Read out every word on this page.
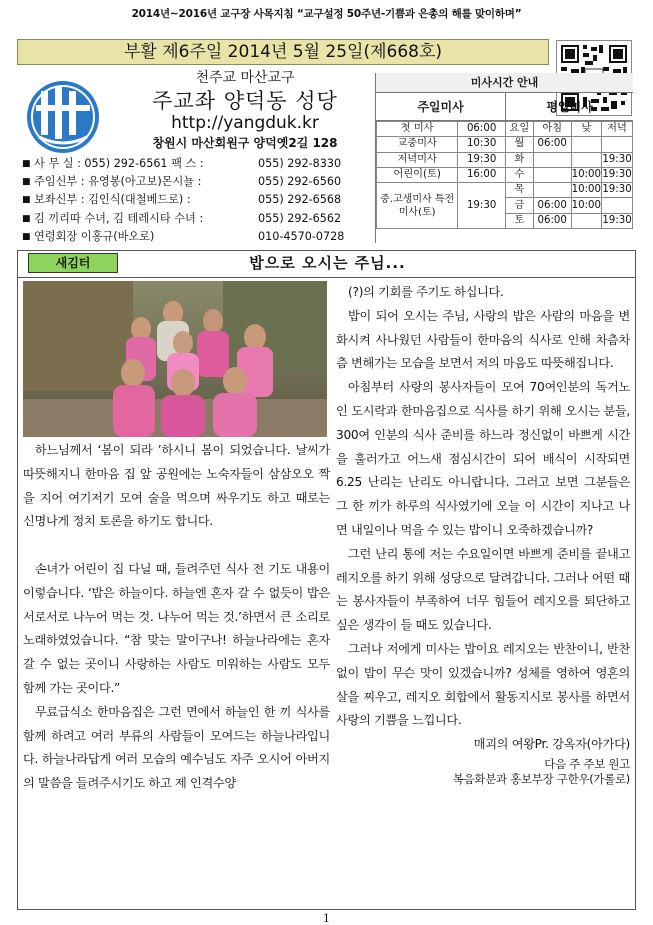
2014년~2016년 교구장 사목지침 “교구설정 50주년-기쁨과 은총의 해를 맞이하며”
부활 제6주일 2014년 5월 25일(제668호)
천주교 마산교구
주교좌 양덕동 성당
http://yangduk.kr
창원시 마산회원구 양덕옛2길 128
■ 사 무 실 : 055) 292-6561 팩 스 :	055) 292-8330
■ 주임신부 : 유영봉(아고보)몬시뇰 :	055) 292-6560
■ 보좌신부 : 김인식(대철베드로) :	055) 292-6568
■ 김 끼리따 수녀, 김 테레시타 수녀 :	055) 292-6562
■ 연령회장 이홍규(바오로)	010-4570-0728
미사시간 안내
주일미사	평일미사
첫 미사	06:00	요일	아침	낮	저녁
교중미사	10:30	월	06:00		
저녁미사	19:30	화			19:30
어린이(토)	16:00	수		10:00	19:30
중.고생미사 특전미사(토)	19:30	목		10:00	19:30
		금	06:00	10:00	
		토	06:00		19:30
밥으로 오시는 주님...
새김터

하느님께서 ‘봄이 되라 ’하시니 봄이 되었습니다. 날씨가 따뜻해지니 한마음 집 앞 공원에는 노숙자들이 삼삼오오 짝을 지어 여기저기 모여 술을 먹으며 싸우기도 하고 때로는 신명나게 정치 토론을 하기도 합니다.

손녀가 어린이 집 다닐 때, 들려주던 식사 전 기도 내용이 이렇습니다. ‘밥은 하늘이다. 하늘엔 혼자 갈 수 없듯이 밥은 서로서로 나누어 먹는 것. 나누어 먹는 것.’하면서 큰 소리로 노래하였었습니다. “참 맞는 말이구나! 하늘나라에는 혼자 갈 수 없는 곳이니 사랑하는 사람도 미워하는 사람도 모두 함께 가는 곳이다.”

무료급식소 한마음집은 그런 면에서 하늘인 한 끼 식사를 함께 하려고 여러 부류의 사람들이 모여드는 하늘나라입니다. 하늘나라답게 여러 모습의 예수님도 자주 오시어 아버지의 말씀을 들려주시기도 하고 제 인격수양

(?)의 기회를 주기도 하십니다.

밥이 되어 오시는 주님, 사랑의 밥은 사람의 마음을 변화시켜 사나웠던 사람들이 한마음의 식사로 인해 차츰차츰 변해가는 모습을 보면서 저의 마음도 따뜻해집니다.

아침부터 사랑의 봉사자들이 모여 70여인분의 독거노인 도시락과 한마음집으로 식사를 하기 위해 오시는 분들, 300여 인분의 식사 준비를 하느라 정신없이 바쁘게 시간을 훌러가고 어느새 점심시간이 되어 배식이 시작되면 6.25 난리는 난리도 아니랍니다. 그러고 보면 그분들은 그 한 끼가 하루의 식사였기에 오늘 이 시간이 지나고 나면 내일이나 먹을 수 있는 밥이니 오죽하겠습니까?

그런 난리 통에 저는 수요일이면 바쁘게 준비를 끝내고 레지오를 하기 위해 성당으로 달려갑니다. 그러나 어떤 때는 봉사자들이 부족하여 너무 힘들어 레지오를 퇴단하고 싶은 생각이 들 때도 있습니다.

그러나 저에게 미사는 밥이요 레지오는 반찬이니, 반찬 없이 밥이 무슨 맛이 있겠습니까? 성체를 영하여 영혼의 살을 찌우고, 레지오 회합에서 활동지시로 봉사를 하면서 사랑의 기쁨을 느낍니다.

매괴의 여왕Pr. 강옥자(아가다)

다음 주 주보 원고
복음화분과 홍보부장 구한우(가롤로)
1
